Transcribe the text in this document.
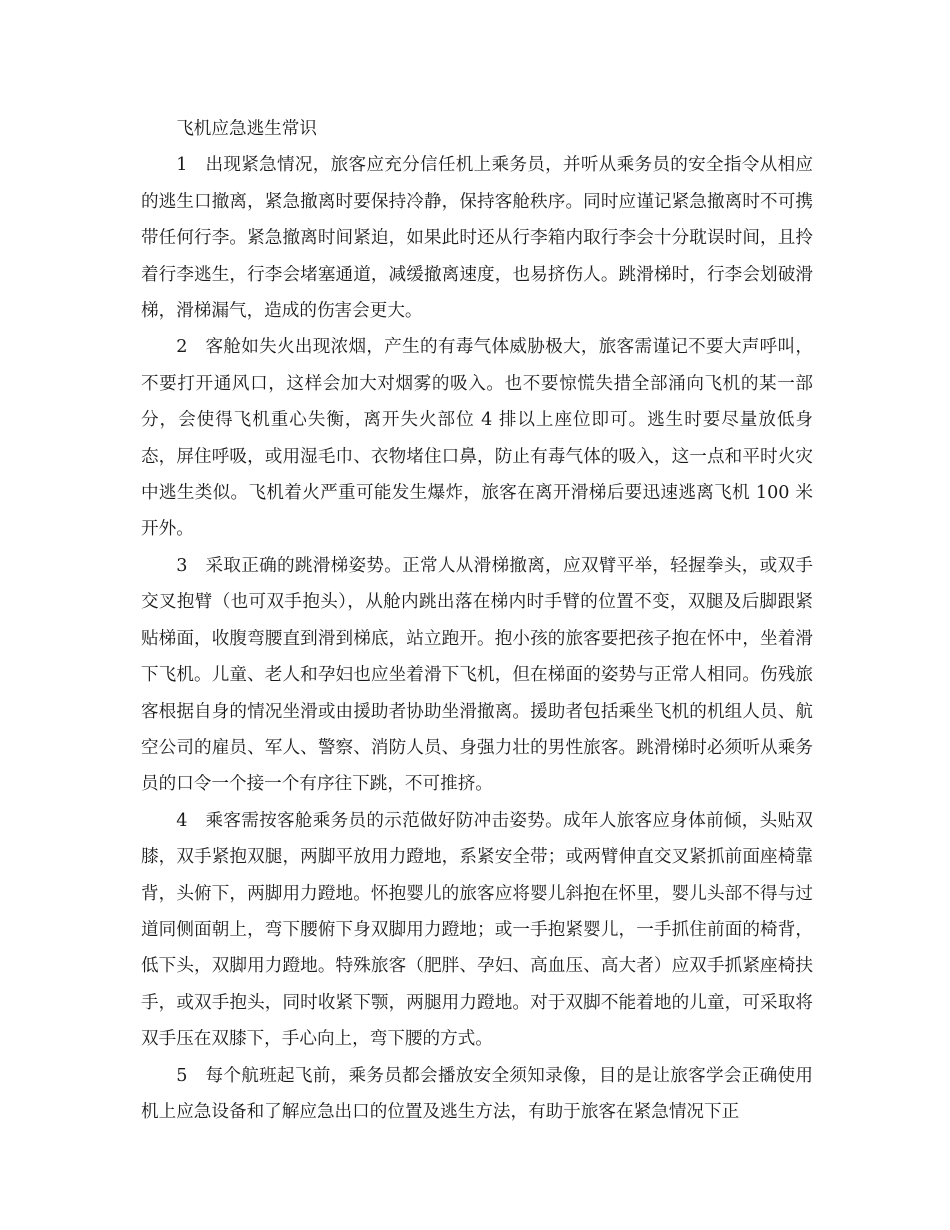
飞机应急逃生常识

1　出现紧急情况，旅客应充分信任机上乘务员，并听从乘务员的安全指令从相应的逃生口撤离，紧急撤离时要保持冷静，保持客舱秩序。同时应谨记紧急撤离时不可携带任何行李。紧急撤离时间紧迫，如果此时还从行李箱内取行李会十分耽误时间，且拎着行李逃生，行李会堵塞通道，减缓撤离速度，也易挤伤人。跳滑梯时，行李会划破滑梯，滑梯漏气，造成的伤害会更大。

2　客舱如失火出现浓烟，产生的有毒气体威胁极大，旅客需谨记不要大声呼叫，不要打开通风口，这样会加大对烟雾的吸入。也不要惊慌失措全部涌向飞机的某一部分，会使得飞机重心失衡，离开失火部位 4 排以上座位即可。逃生时要尽量放低身态，屏住呼吸，或用湿毛巾、衣物堵住口鼻，防止有毒气体的吸入，这一点和平时火灾中逃生类似。飞机着火严重可能发生爆炸，旅客在离开滑梯后要迅速逃离飞机 100 米开外。

3　采取正确的跳滑梯姿势。正常人从滑梯撤离，应双臂平举，轻握拳头，或双手交叉抱臂（也可双手抱头），从舱内跳出落在梯内时手臂的位置不变，双腿及后脚跟紧贴梯面，收腹弯腰直到滑到梯底，站立跑开。抱小孩的旅客要把孩子抱在怀中，坐着滑下飞机。儿童、老人和孕妇也应坐着滑下飞机，但在梯面的姿势与正常人相同。伤残旅客根据自身的情况坐滑或由援助者协助坐滑撤离。援助者包括乘坐飞机的机组人员、航空公司的雇员、军人、警察、消防人员、身强力壮的男性旅客。跳滑梯时必须听从乘务员的口令一个接一个有序往下跳，不可推挤。

4　乘客需按客舱乘务员的示范做好防冲击姿势。成年人旅客应身体前倾，头贴双膝，双手紧抱双腿，两脚平放用力蹬地，系紧安全带；或两臂伸直交叉紧抓前面座椅靠背，头俯下，两脚用力蹬地。怀抱婴儿的旅客应将婴儿斜抱在怀里，婴儿头部不得与过道同侧面朝上，弯下腰俯下身双脚用力蹬地；或一手抱紧婴儿，一手抓住前面的椅背，低下头，双脚用力蹬地。特殊旅客（肥胖、孕妇、高血压、高大者）应双手抓紧座椅扶手，或双手抱头，同时收紧下颚，两腿用力蹬地。对于双脚不能着地的儿童，可采取将双手压在双膝下，手心向上，弯下腰的方式。

5　每个航班起飞前，乘务员都会播放安全须知录像，目的是让旅客学会正确使用机上应急设备和了解应急出口的位置及逃生方法，有助于旅客在紧急情况下正
